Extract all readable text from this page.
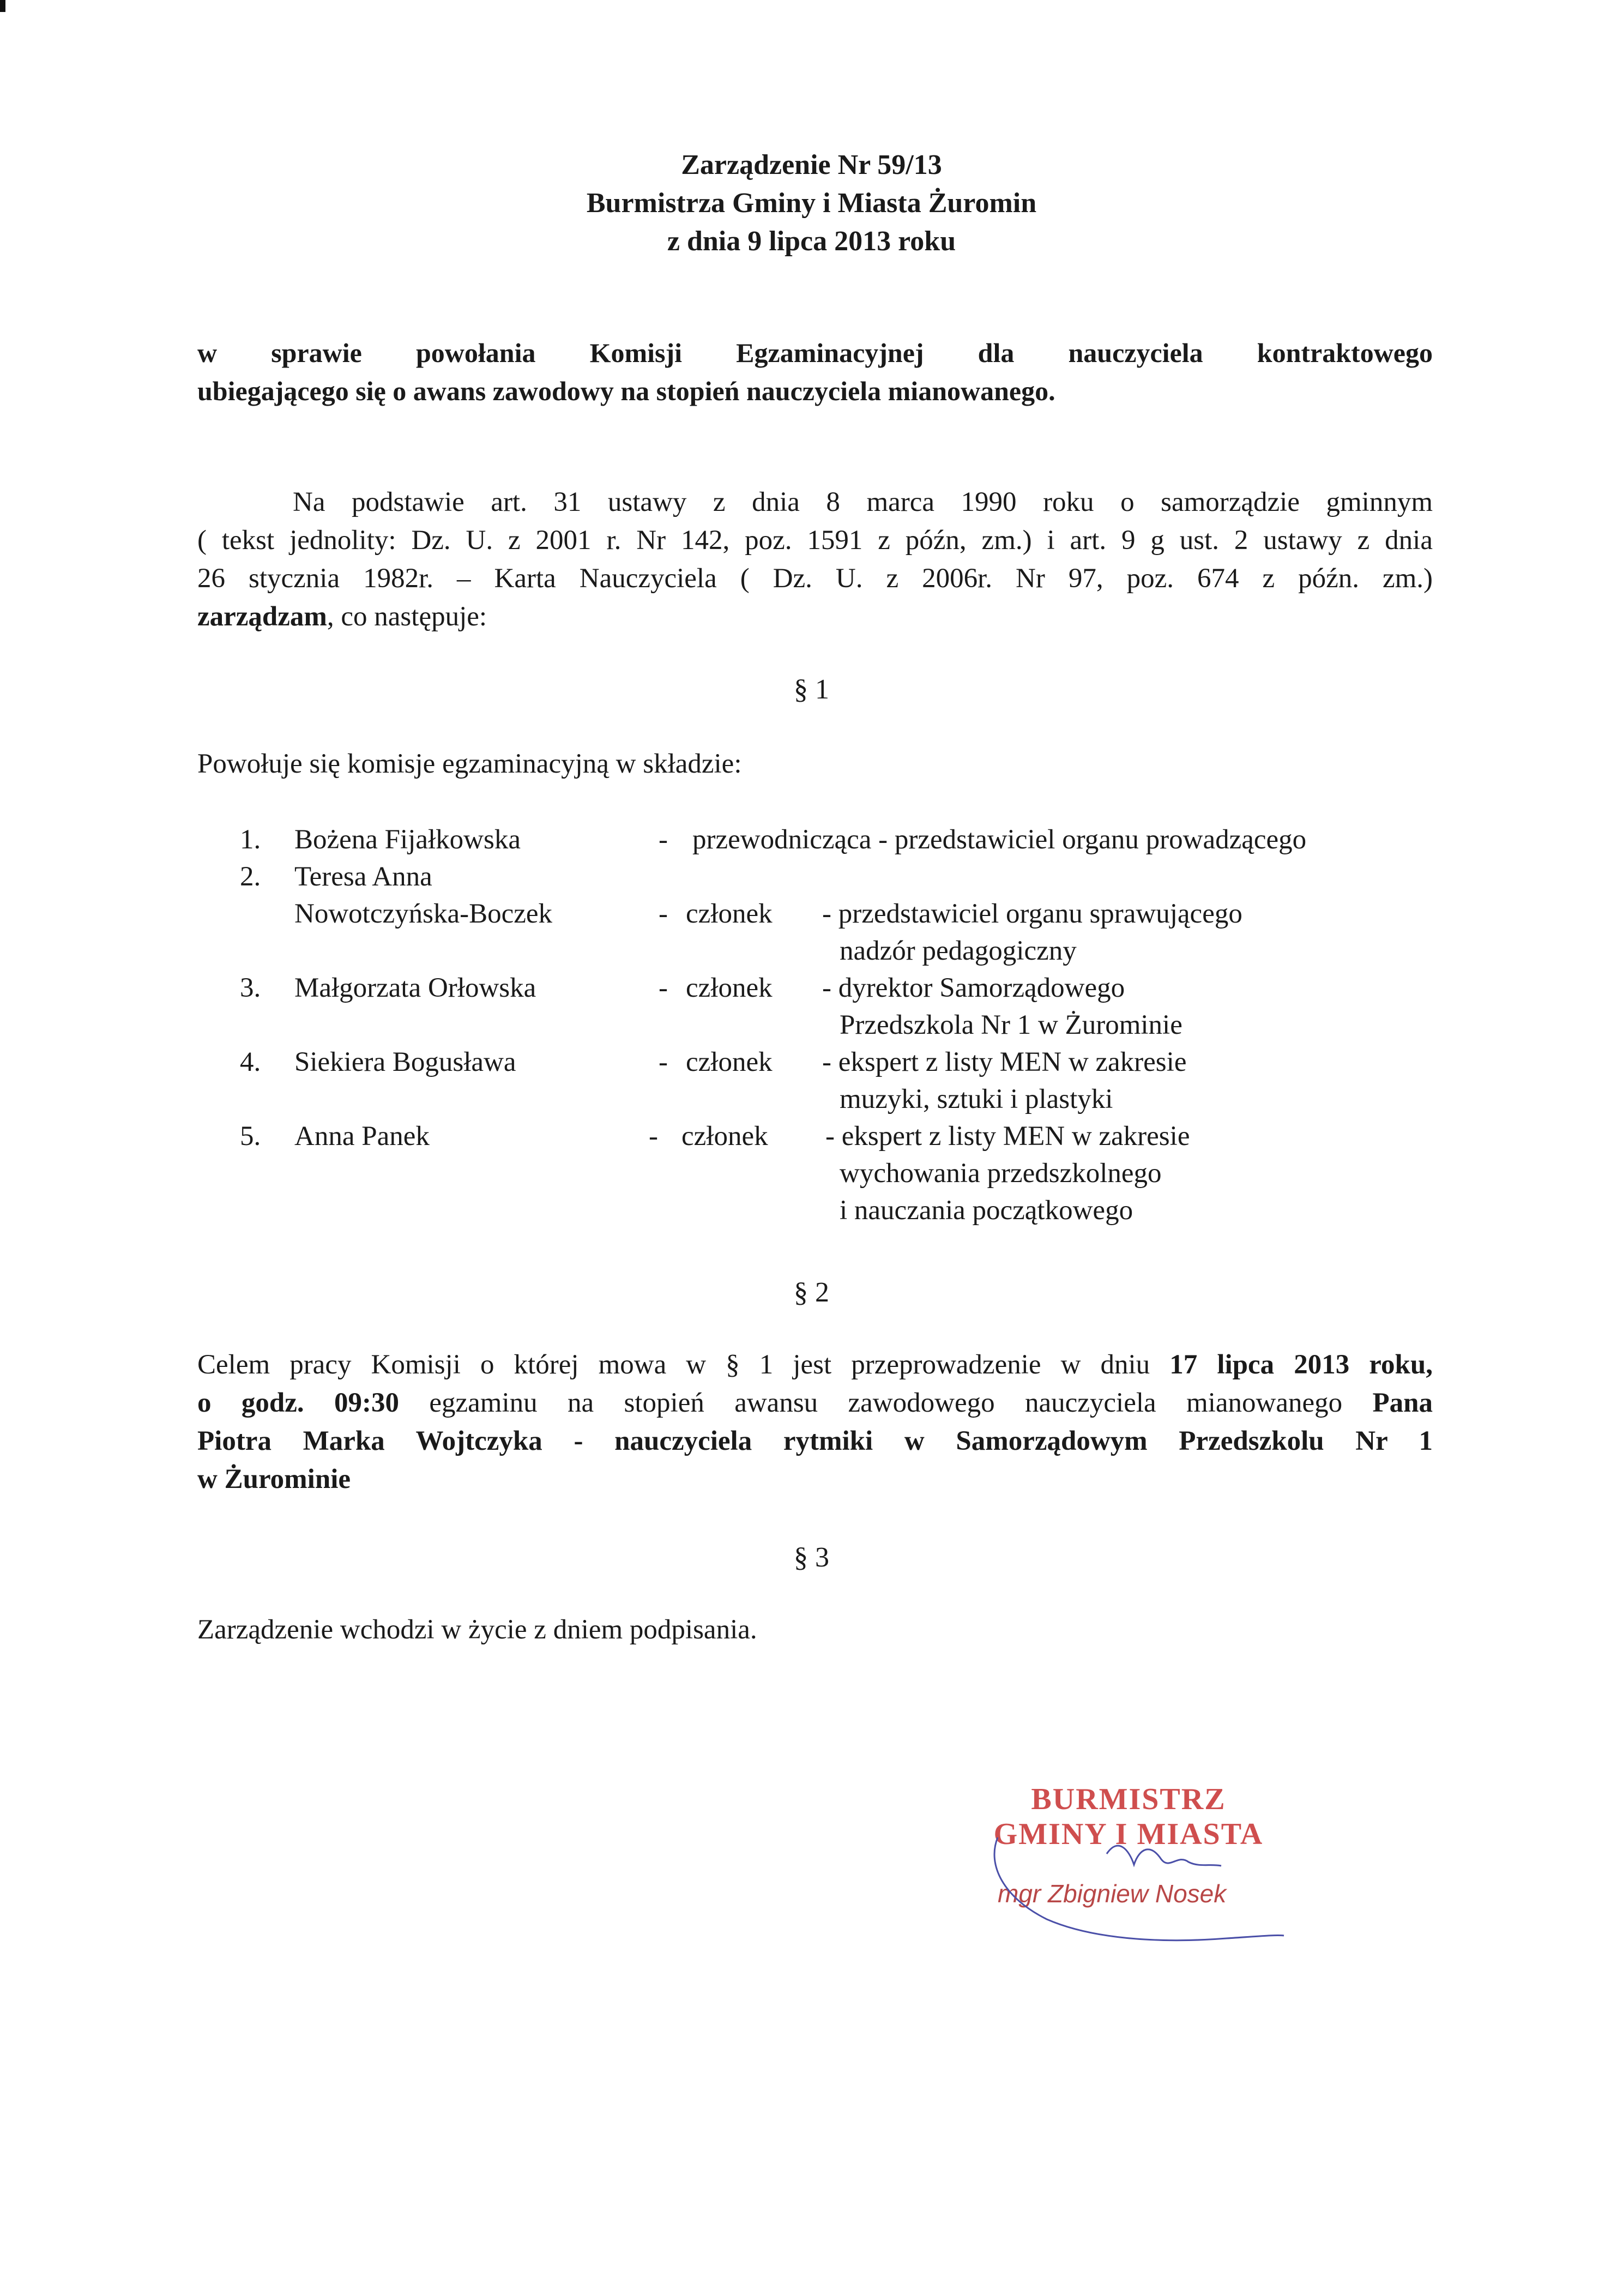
Zarządzenie Nr 59/13
Burmistrza Gminy i Miasta Żuromin
z dnia 9 lipca 2013 roku
w sprawie powołania Komisji Egzaminacyjnej dla nauczyciela kontraktowego
ubiegającego się o awans zawodowy na stopień nauczyciela mianowanego.
Na podstawie art. 31 ustawy z dnia 8 marca 1990 roku o samorządzie gminnym
( tekst jednolity: Dz. U. z 2001 r. Nr 142, poz. 1591 z późn, zm.) i art. 9 g ust. 2 ustawy z dnia
26 stycznia 1982r. – Karta Nauczyciela ( Dz. U. z 2006r. Nr 97, poz. 674 z późn. zm.)
zarządzam, co następuje:
§ 1
Powołuje się komisje egzaminacyjną w składzie:
1. Bożena Fijałkowska	- przewodnicząca - przedstawiciel organu prowadzącego
2. Teresa Anna
Nowotczyńska-Boczek	- członek - przedstawiciel organu sprawującego
nadzór pedagogiczny
3. Małgorzata Orłowska	- członek - dyrektor Samorządowego
Przedszkola Nr 1 w Żurominie
4. Siekiera Bogusława	- członek - ekspert z listy MEN w zakresie
muzyki, sztuki i plastyki
5. Anna Panek	- członek - ekspert z listy MEN w zakresie
wychowania przedszkolnego
i nauczania początkowego
§ 2
Celem pracy Komisji o której mowa w § 1 jest przeprowadzenie w dniu 17 lipca 2013 roku,
o godz. 09:30 egzaminu na stopień awansu zawodowego nauczyciela mianowanego Pana
Piotra Marka Wojtczyka - nauczyciela rytmiki w Samorządowym Przedszkolu Nr 1
w Żurominie
§ 3
Zarządzenie wchodzi w życie z dniem podpisania.
BURMISTRZ
GMINY I MIASTA
mgr Zbigniew Nosek
